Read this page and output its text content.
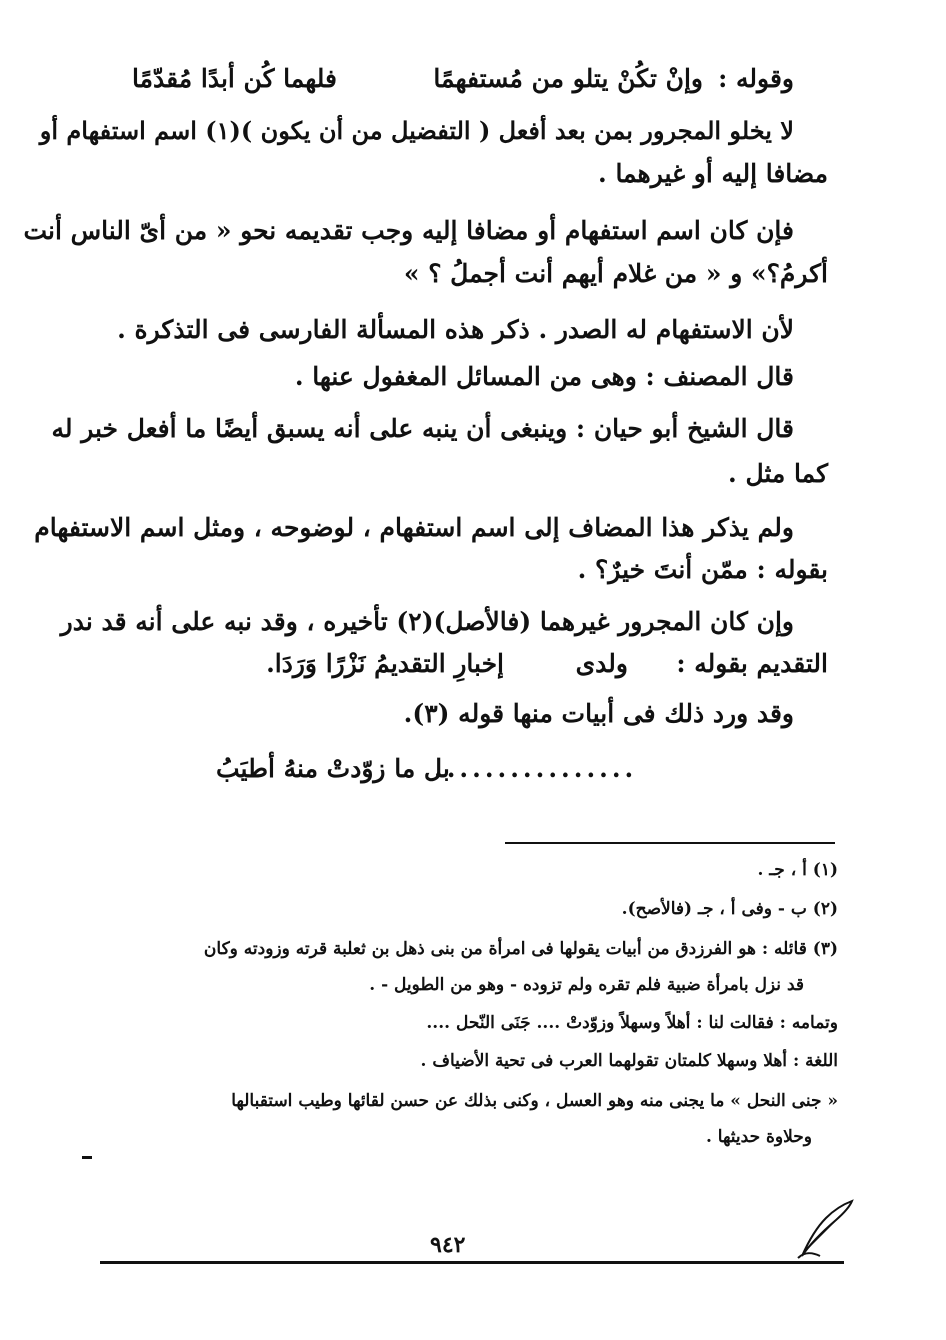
وقوله :
وإنْ تكُنْ يتلو من مُستفهمًا
فلهما كُن أبدًا مُقدّمًا
لا يخلو المجرور بمن بعد أفعل ( التفضيل من أن يكون )(١) اسم استفهام أو
مضافا إليه أو غيرهما .
فإن كان اسم استفهام أو مضافا إليه وجب تقديمه نحو « من أىّ الناس أنت
أكرمُ؟» و « من غلام أيهم أنت أجملُ ؟ »
لأن الاستفهام له الصدر . ذكر هذه المسألة الفارسى فى التذكرة .
قال المصنف : وهى من المسائل المغفول عنها .
قال الشيخ أبو حيان : وينبغى أن ينبه على أنه يسبق أيضًا ما أفعل خبر له
كما مثل .
ولم يذكر هذا المضاف إلى اسم استفهام ، لوضوحه ، ومثل اسم الاستفهام
بقوله : ممّن أنتَ خيرٌ؟ .
وإن كان المجرور غيرهما (فالأصل)(٢) تأخيره ، وقد نبه على أنه قد ندر
التقديم بقوله :
ولدى
إخبارِ التقديمُ نَزْرًا وَرَدَا.
وقد ورد ذلك فى أبيات منها قوله (٣).
بل ما زوّدتْ منهُ أطيَبُ
................
(١) أ ، جـ .
(٢) ب - وفى أ ، جـ (فالأصح).
(٣) قائله : هو الفرزدق من أبيات يقولها فى امرأة من بنى ذهل بن ثعلبة قرته وزودته وكان
قد نزل بامرأة ضبية فلم تقره ولم تزوده - وهو من الطويل - .
وتمامه : فقالت لنا : أهلاً وسهلاً وزوّدتْ .... جَنَى النّحل ....
اللغة : أهلا وسهلا كلمتان تقولهما العرب فى تحية الأضياف .
« جنى النحل » ما يجنى منه وهو العسل ، وكنى بذلك عن حسن لقائها وطيب استقبالها
وحلاوة حديثها .
٩٤٢
